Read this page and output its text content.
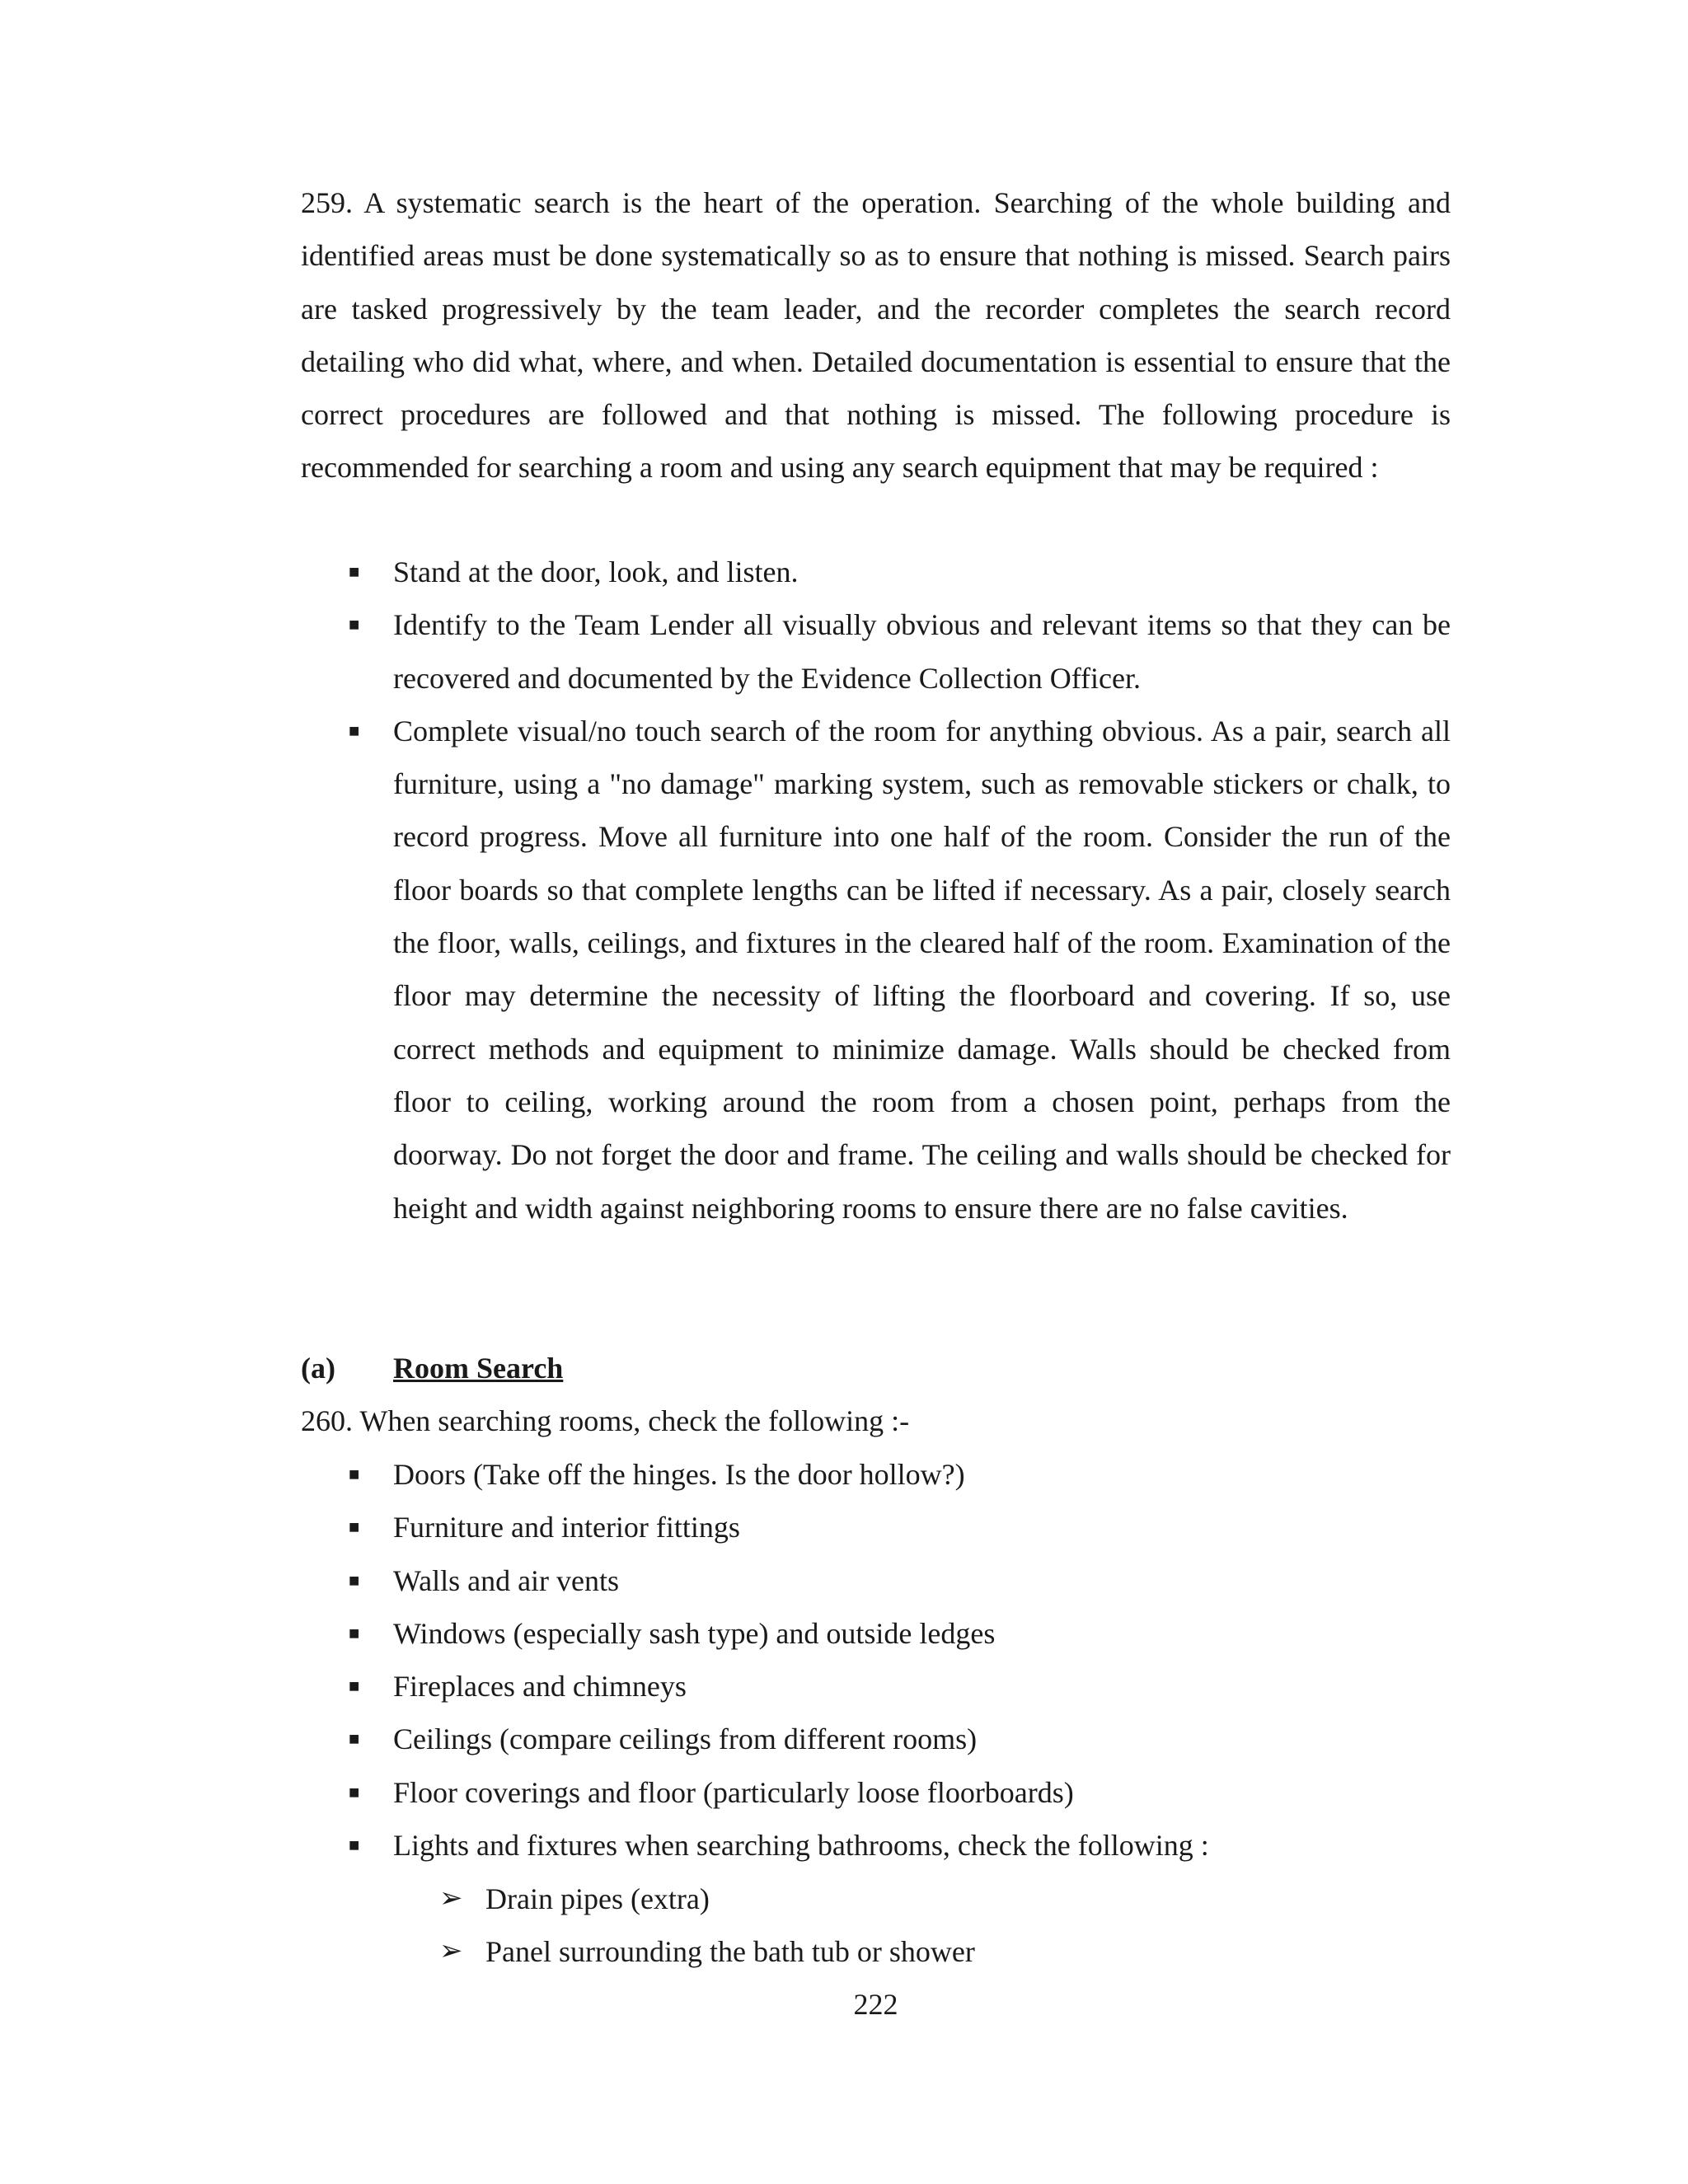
259. A systematic search is the heart of the operation. Searching of the whole building and identified areas must be done systematically so as to ensure that nothing is missed. Search pairs are tasked progressively by the team leader, and the recorder completes the search record detailing who did what, where, and when. Detailed documentation is essential to ensure that the correct procedures are followed and that nothing is missed. The following procedure is recommended for searching a room and using any search equipment that may be required :

■ Stand at the door, look, and listen.
■ Identify to the Team Lender all visually obvious and relevant items so that they can be recovered and documented by the Evidence Collection Officer.
■ Complete visual/no touch search of the room for anything obvious. As a pair, search all furniture, using a "no damage" marking system, such as removable stickers or chalk, to record progress. Move all furniture into one half of the room. Consider the run of the floor boards so that complete lengths can be lifted if necessary. As a pair, closely search the floor, walls, ceilings, and fixtures in the cleared half of the room. Examination of the floor may determine the necessity of lifting the floorboard and covering. If so, use correct methods and equipment to minimize damage. Walls should be checked from floor to ceiling, working around the room from a chosen point, perhaps from the doorway. Do not forget the door and frame. The ceiling and walls should be checked for height and width against neighboring rooms to ensure there are no false cavities.
(a) Room Search

260. When searching rooms, check the following :-

■ Doors (Take off the hinges. Is the door hollow?)
■ Furniture and interior fittings
■ Walls and air vents
■ Windows (especially sash type) and outside ledges
■ Fireplaces and chimneys
■ Ceilings (compare ceilings from different rooms)
■ Floor coverings and floor (particularly loose floorboards)
■ Lights and fixtures when searching bathrooms, check the following :
➢ Drain pipes (extra)
➢ Panel surrounding the bath tub or shower
222
